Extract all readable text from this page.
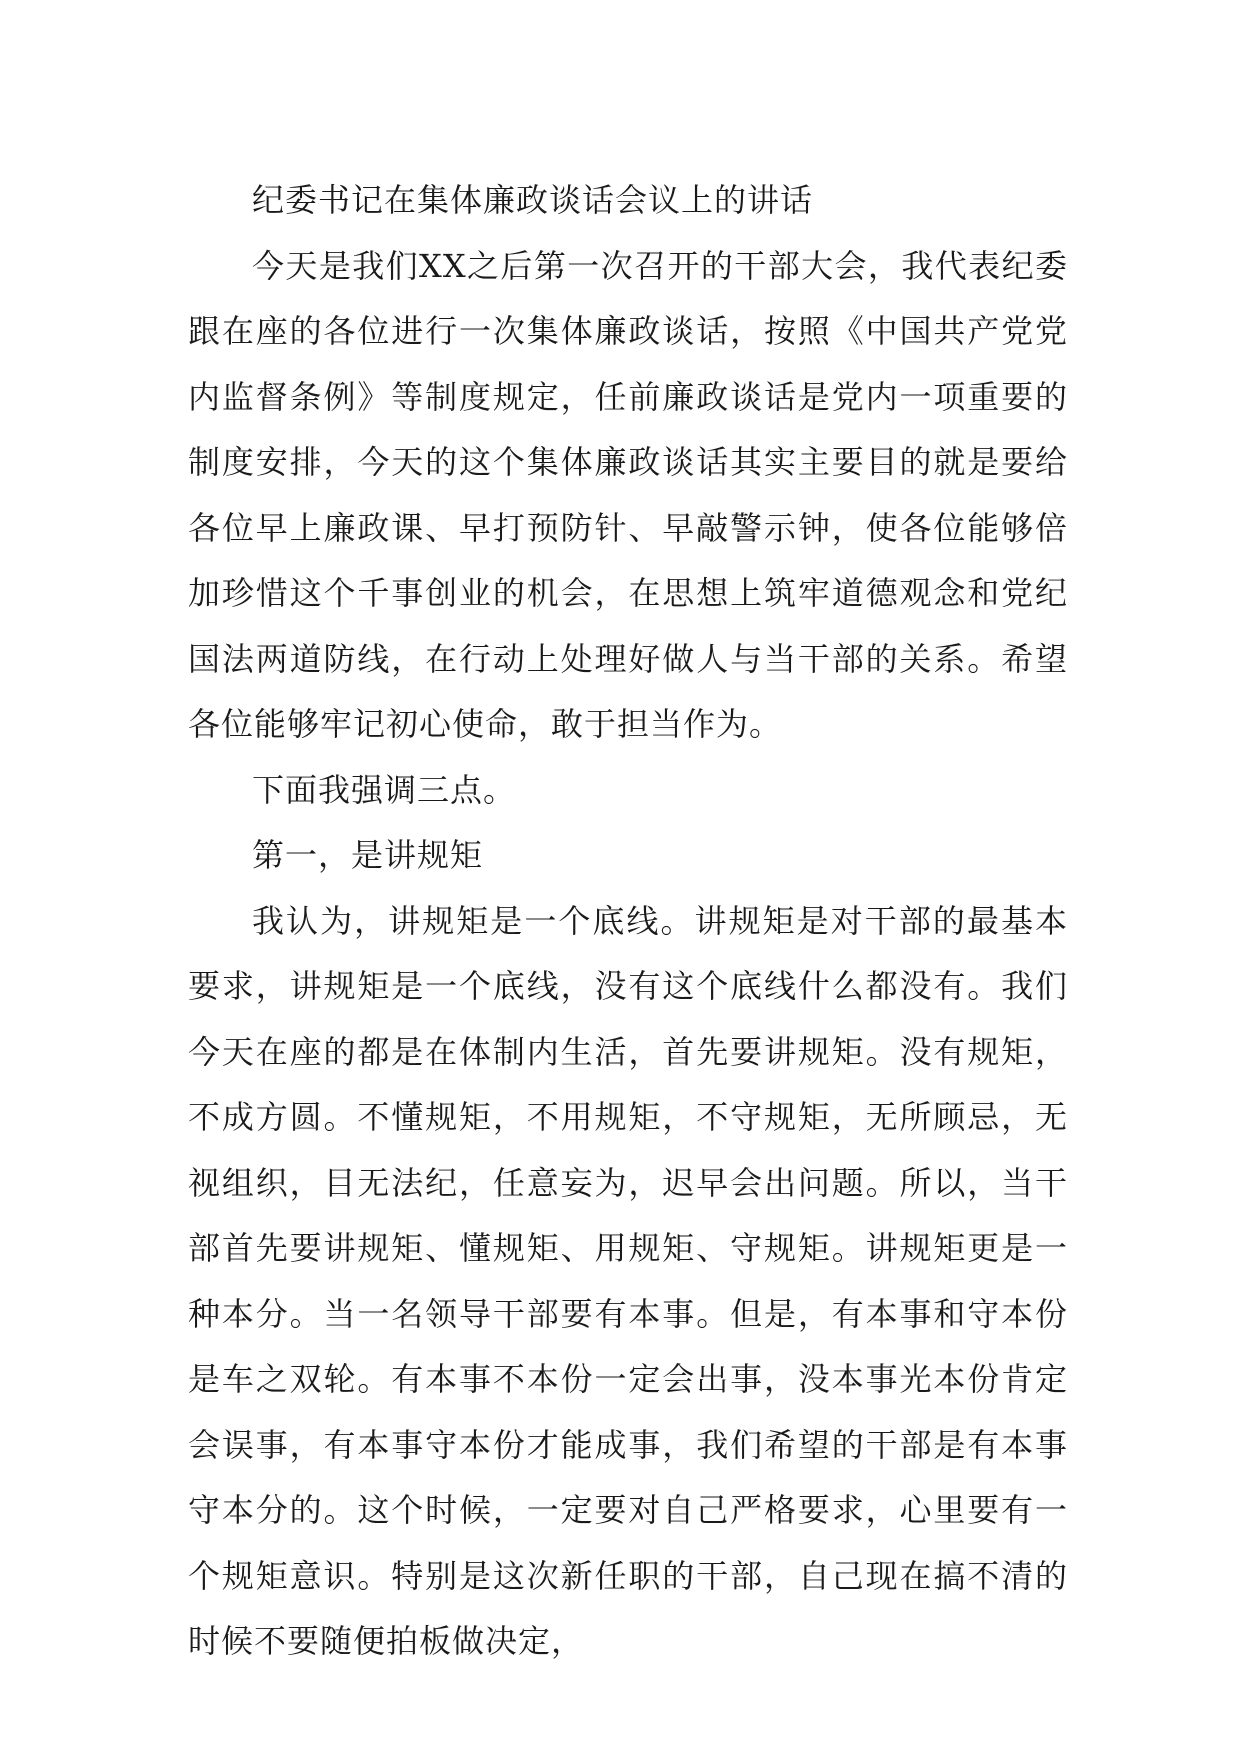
纪委书记在集体廉政谈话会议上的讲话

今天是我们XX之后第一次召开的干部大会，我代表纪委跟在座的各位进行一次集体廉政谈话，按照《中国共产党党内监督条例》等制度规定，任前廉政谈话是党内一项重要的制度安排，今天的这个集体廉政谈话其实主要目的就是要给各位早上廉政课、早打预防针、早敲警示钟，使各位能够倍加珍惜这个千事创业的机会，在思想上筑牢道德观念和党纪国法两道防线，在行动上处理好做人与当干部的关系。希望各位能够牢记初心使命，敢于担当作为。

下面我强调三点。

第一，是讲规矩

我认为，讲规矩是一个底线。讲规矩是对干部的最基本要求，讲规矩是一个底线，没有这个底线什么都没有。我们今天在座的都是在体制内生活，首先要讲规矩。没有规矩，不成方圆。不懂规矩，不用规矩，不守规矩，无所顾忌，无视组织，目无法纪，任意妄为，迟早会出问题。所以，当干部首先要讲规矩、懂规矩、用规矩、守规矩。讲规矩更是一种本分。当一名领导干部要有本事。但是，有本事和守本份是车之双轮。有本事不本份一定会出事，没本事光本份肯定会误事，有本事守本份才能成事，我们希望的干部是有本事守本分的。这个时候，一定要对自己严格要求，心里要有一个规矩意识。特别是这次新任职的干部，自己现在搞不清的时候不要随便拍板做决定，
